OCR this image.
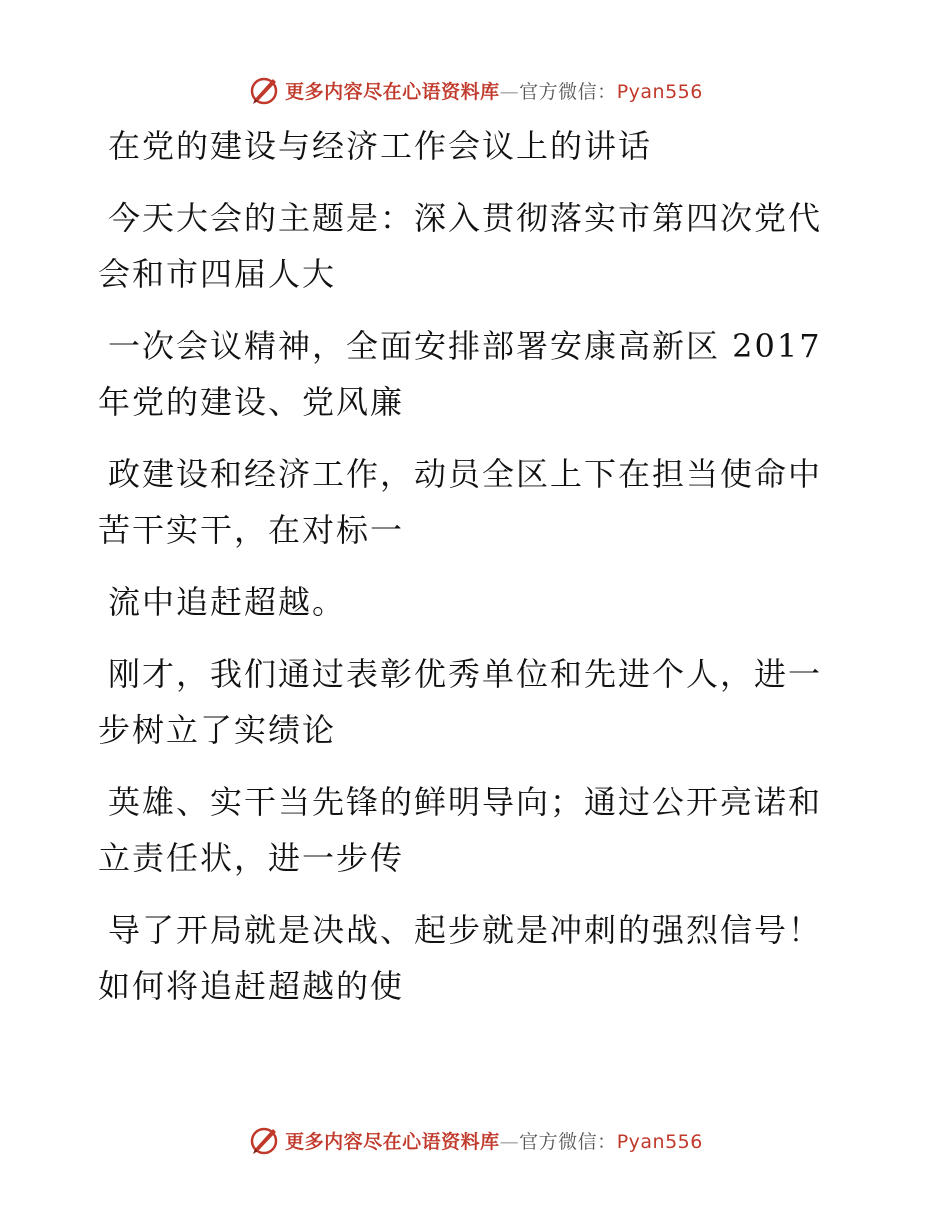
更多内容尽在心语资料库—官方微信：Pyan556
在党的建设与经济工作会议上的讲话
今天大会的主题是：深入贯彻落实市第四次党代
会和市四届人大
一次会议精神，全面安排部署安康高新区 2017
年党的建设、党风廉
政建设和经济工作，动员全区上下在担当使命中
苦干实干，在对标一
流中追赶超越。
刚才，我们通过表彰优秀单位和先进个人，进一
步树立了实绩论
英雄、实干当先锋的鲜明导向；通过公开亮诺和
立责任状，进一步传
导了开局就是决战、起步就是冲刺的强烈信号！
如何将追赶超越的使
更多内容尽在心语资料库—官方微信：Pyan556
